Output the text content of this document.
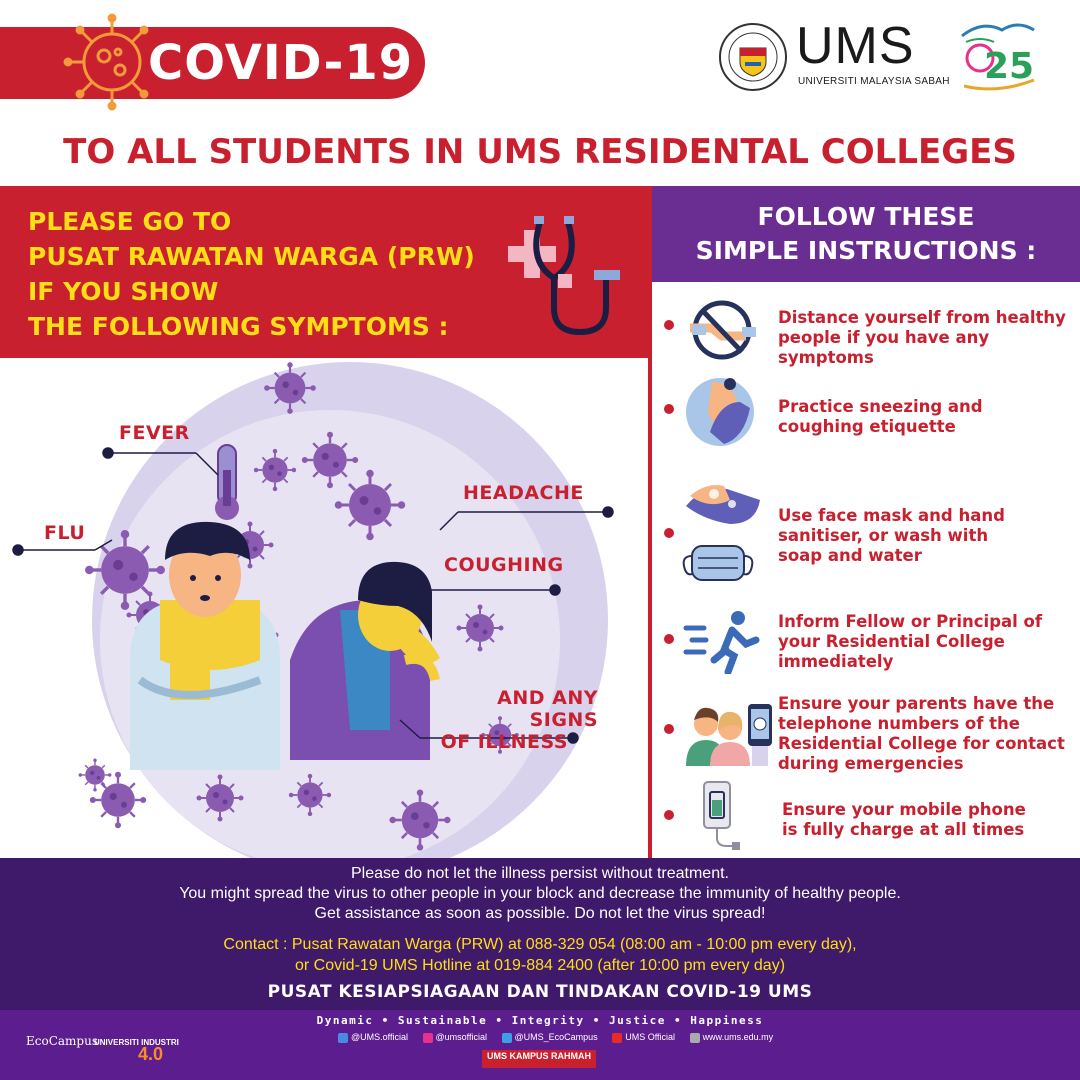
COVID-19	UMS
UNIVERSITI MALAYSIA SABAH 25
TO ALL STUDENTS IN UMS RESIDENTAL COLLEGES
PLEASE GO TO
PUSAT RAWATAN WARGA (PRW)
IF YOU SHOW
THE FOLLOWING SYMPTOMS :
FOLLOW THESE
SIMPLE INSTRUCTIONS :
FEVER
FLU
HEADACHE
COUGHING
AND ANY SIGNS
OF ILLNESS
Distance yourself from healthy
people if you have any
symptoms
Practice sneezing and
coughing etiquette
Use face mask and hand
sanitiser, or wash with
soap and water
Inform Fellow or Principal of
your Residential College
immediately
Ensure your parents have the
telephone numbers of the
Residential College for contact
during emergencies
Ensure your mobile phone
is fully charge at all times
Please do not let the illness persist without treatment.
You might spread the virus to other people in your block and decrease the immunity of healthy people.
Get assistance as soon as possible. Do not let the virus spread!
Contact : Pusat Rawatan Warga (PRW) at 088-329 054 (08:00 am - 10:00 pm every day),
or Covid-19 UMS Hotline at 019-884 2400 (after 10:00 pm every day)
PUSAT KESIAPSIAGAAN DAN TINDAKAN COVID-19 UMS
Dynamic • Sustainable • Integrity • Justice • Happiness
@UMS.official	@umsofficial	@UMS_EcoCampus	UMS Official	www.ums.edu.my
UMS KAMPUS RAHMAH
EcoCampus
UNIVERSITI INDUSTRI
4.0
